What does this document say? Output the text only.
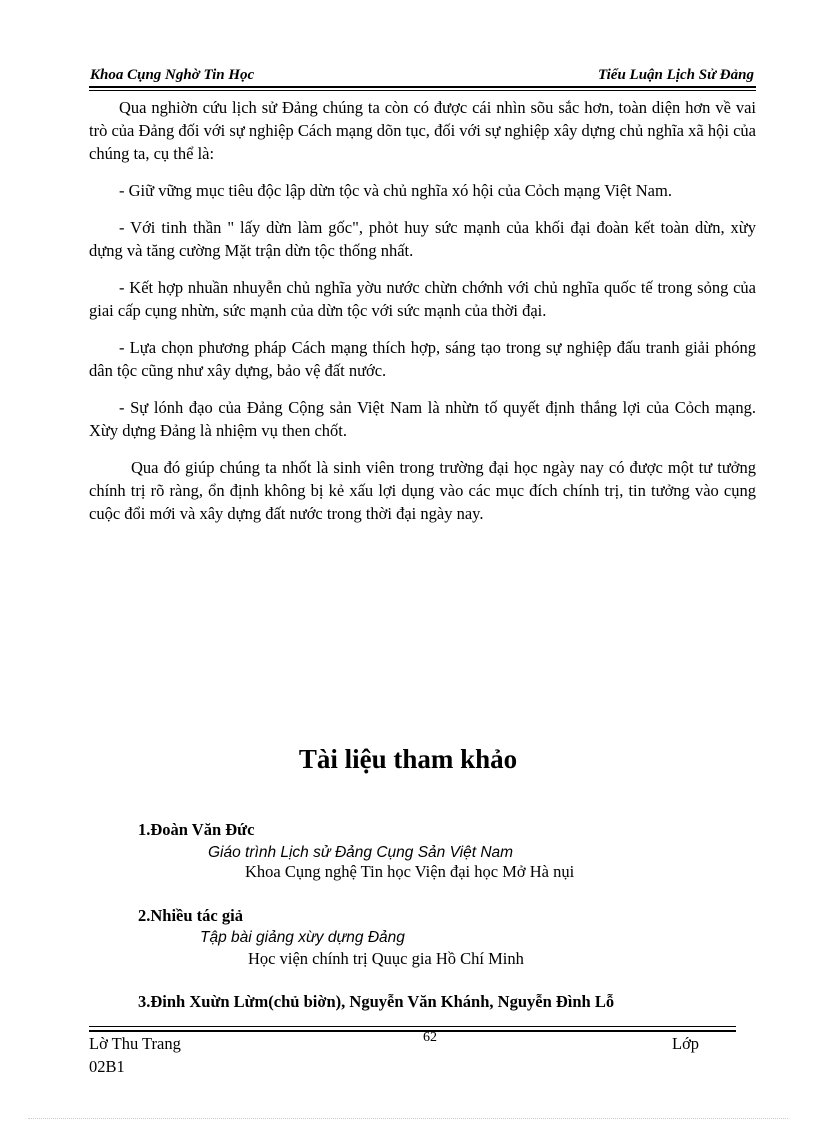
Khoa Cụng Nghờ Tin Học	Tiểu Luận Lịch Sử Đảng

Qua nghiờn cứu lịch sử Đảng chúng ta còn có được cái nhìn sõu sắc hơn, toàn diện hơn về vai trò của Đảng đối với sự nghiệp Cách mạng dõn tục, đối với sự nghiệp xây dựng chủ nghĩa xã hội của chúng ta, cụ thể là:

- Giữ vững mục tiêu độc lập dừn tộc và chủ nghĩa xó hội của Cỏch mạng Việt Nam.

- Với tinh thần " lấy dừn làm gốc", phỏt huy sức mạnh của khối đại đoàn kết toàn dừn, xừy dựng và tăng cường Mặt trận dừn tộc thống nhất.

- Kết hợp nhuần nhuyễn chủ nghĩa yờu nước chừn chớnh với chủ nghĩa quốc tế trong sỏng của giai cấp cụng nhừn, sức mạnh của dừn tộc với sức mạnh của thời đại.

- Lựa chọn phương pháp Cách mạng thích hợp, sáng tạo trong sự nghiệp đấu tranh giải phóng dân tộc cũng như xây dựng, bảo vệ đất nước.

- Sự lónh đạo của Đảng Cộng sản Việt Nam là nhừn tố quyết định thắng lợi của Cỏch mạng. Xừy dựng Đảng là nhiệm vụ then chốt.

Qua đó giúp chúng ta nhốt là sinh viên trong trường đại học ngày nay có được một tư tưởng chính trị rõ ràng, ổn định không bị kẻ xấu lợi dụng vào các mục đích chính trị, tin tưởng vào cụng cuộc đổi mới và xây dựng đất nước trong thời đại ngày nay.

Tài liệu tham khảo
1.Đoàn Văn Đức
Giáo trình Lịch sử Đảng Cụng Sản Việt Nam
Khoa Cụng nghệ Tin học Viện đại học Mở Hà nụi
2.Nhiều tác giả
Tập bài giảng xừy dựng Đảng
Học viện chính trị Quục gia Hồ Chí Minh
3.Đinh Xuừn Lừm(chủ biờn), Nguyễn Văn Khánh, Nguyễn Đình Lỗ
Lờ Thu Trang	62	Lớp
02B1
